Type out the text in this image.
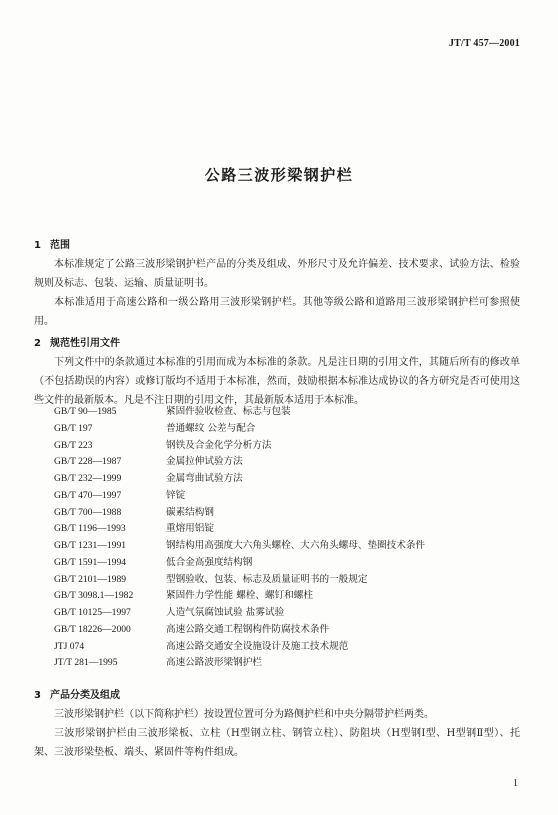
JT/T 457—2001
公路三波形梁钢护栏
1 范围
本标准规定了公路三波形梁钢护栏产品的分类及组成、外形尺寸及允许偏差、技术要求、试验方法、检验规则及标志、包装、运输、质量证明书。
本标准适用于高速公路和一级公路用三波形梁钢护栏。其他等级公路和道路用三波形梁钢护栏可参照使用。
2 规范性引用文件
下列文件中的条款通过本标准的引用而成为本标准的条款。凡是注日期的引用文件，其随后所有的修改单（不包括勘误的内容）或修订版均不适用于本标准，然而，鼓励根据本标准达成协议的各方研究是否可使用这些文件的最新版本。凡是不注日期的引用文件，其最新版本适用于本标准。
GB/T 90—1985	紧固件验收检查、标志与包装
GB/T 197	普通螺纹 公差与配合
GB/T 223	钢铁及合金化学分析方法
GB/T 228—1987	金属拉伸试验方法
GB/T 232—1999	金属弯曲试验方法
GB/T 470—1997	锌锭
GB/T 700—1988	碳素结构钢
GB/T 1196—1993	重熔用铝锭
GB/T 1231—1991	钢结构用高强度大六角头螺栓、大六角头螺母、垫圈技术条件
GB/T 1591—1994	低合金高强度结构钢
GB/T 2101—1989	型钢验收、包装、标志及质量证明书的一般规定
GB/T 3098.1—1982	紧固件力学性能 螺栓、螺钉和螺柱
GB/T 10125—1997	人造气氛腐蚀试验 盐雾试验
GB/T 18226—2000	高速公路交通工程钢构件防腐技术条件
JTJ 074	高速公路交通安全设施设计及施工技术规范
JT/T 281—1995	高速公路波形梁钢护栏
3 产品分类及组成
三波形梁钢护栏（以下简称护栏）按设置位置可分为路侧护栏和中央分隔带护栏两类。
三波形梁钢护栏由三波形梁板、立柱（H型钢立柱、钢管立柱）、防阻块（H型钢Ⅰ型、H型钢Ⅱ型）、托架、三波形梁垫板、端头、紧固件等构件组成。
1
